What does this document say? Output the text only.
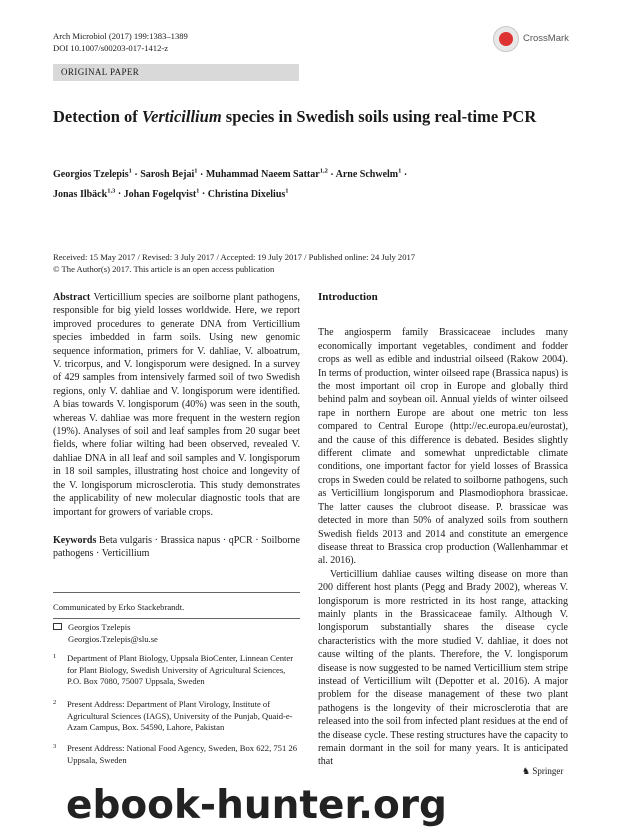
Arch Microbiol (2017) 199:1383–1389
DOI 10.1007/s00203-017-1412-z
CrossMark
ORIGINAL PAPER
Detection of Verticillium species in Swedish soils using real-time PCR
Georgios Tzelepis$^1$ · Sarosh Bejai$^1$ · Muhammad Naeem Sattar$^{1,2}$ · Arne Schwelm$^1$ ·
Jonas Ilbäck$^{1,3}$ · Johan Fogelqvist$^1$ · Christina Dixelius$^1$
Received: 15 May 2017 / Revised: 3 July 2017 / Accepted: 19 July 2017 / Published online: 24 July 2017
© The Author(s) 2017. This article is an open access publication

Abstract Verticillium species are soilborne plant pathogens, responsible for big yield losses worldwide. Here, we report improved procedures to generate DNA from Verticillium species imbedded in farm soils. Using new genomic sequence information, primers for V. dahliae, V. alboatrum, V. tricorpus, and V. longisporum were designed. In a survey of 429 samples from intensively farmed soil of two Swedish regions, only V. dahliae and V. longisporum were identified. A bias towards V. longisporum (40%) was seen in the south, whereas V. dahliae was more frequent in the western region (19%). Analyses of soil and leaf samples from 20 sugar beet fields, where foliar wilting had been observed, revealed V. dahliae DNA in all leaf and soil samples and V. longisporum in 18 soil samples, illustrating host choice and longevity of the V. longisporum microsclerotia. This study demonstrates the applicability of new molecular diagnostic tools that are important for growers of variable crops.

Keywords Beta vulgaris · Brassica napus · qPCR · Soilborne pathogens · Verticillium

Communicated by Erko Stackebrandt.
Georgios Tzelepis
Georgios.Tzelepis@slu.se
1 Department of Plant Biology, Uppsala BioCenter, Linnean Center for Plant Biology, Swedish University of Agricultural Sciences, P.O. Box 7080, 75007 Uppsala, Sweden
2 Present Address: Department of Plant Virology, Institute of Agricultural Sciences (IAGS), University of the Punjab, Quaid-e-Azam Campus, Box. 54590, Lahore, Pakistan
3 Present Address: National Food Agency, Sweden, Box 622, 751 26 Uppsala, Sweden
Introduction

The angiosperm family Brassicaceae includes many economically important vegetables, condiment and fodder crops as well as edible and industrial oilseed (Rakow 2004). In terms of production, winter oilseed rape (Brassica napus) is the most important oil crop in Europe and globally third behind palm and soybean oil. Annual yields of winter oilseed rape in northern Europe are about one metric ton less compared to Central Europe (http://ec.europa.eu/eurostat), and the cause of this difference is debated. Besides slightly different climate and somewhat unpredictable climate conditions, one important factor for yield losses of Brassica crops in Sweden could be related to soilborne pathogens, such as Verticillium longisporum and Plasmodiophora brassicae. The latter causes the clubroot disease. P. brassicae was detected in more than 50% of analyzed soils from southern Swedish fields 2013 and 2014 and constitute an emergence disease threat to Brassica crop production (Wallenhammar et al. 2016).

Verticillium dahliae causes wilting disease on more than 200 different host plants (Pegg and Brady 2002), whereas V. longisporum is more restricted in its host range, attacking mainly plants in the Brassicaceae family. Although V. longisporum substantially shares the disease cycle characteristics with the more studied V. dahliae, it does not cause wilting of the plants. Therefore, the V. longisporum disease is now suggested to be named Verticillium stem stripe instead of Verticillium wilt (Depotter et al. 2016). A major problem for the disease management of these two plant pathogens is the longevity of their microsclerotia that are released into the soil from infected plant residues at the end of the disease cycle. These resting structures have the capacity to remain dormant in the soil for many years. It is anticipated that

♞ Springer
ebook-hunter.org
